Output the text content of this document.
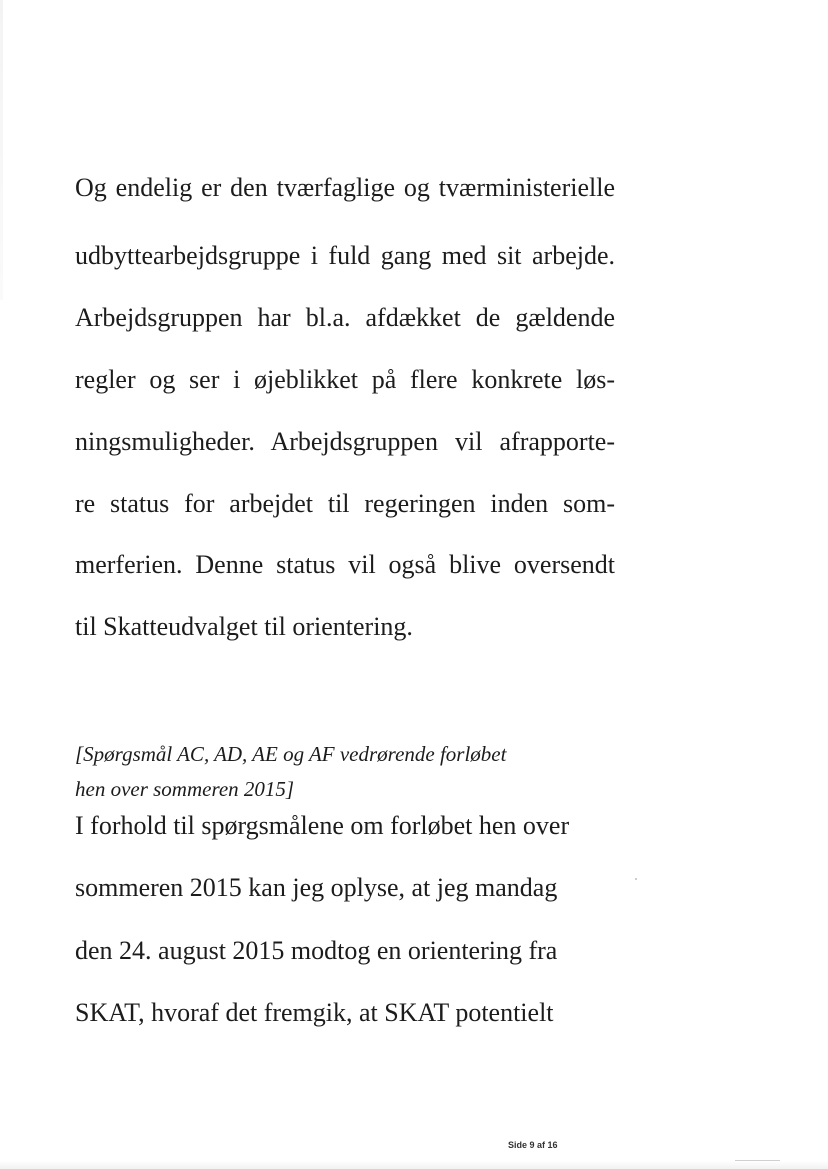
Og endelig er den tværfaglige og tværministerielle
udbyttearbejdsgruppe i fuld gang med sit arbejde.
Arbejdsgruppen har bl.a. afdækket de gældende
regler og ser i øjeblikket på flere konkrete løs-
ningsmuligheder. Arbejdsgruppen vil afrapporte-
re status for arbejdet til regeringen inden som-
merferien. Denne status vil også blive oversendt
til Skatteudvalget til orientering.
[Spørgsmål AC, AD, AE og AF vedrørende forløbet
hen over sommeren 2015]
I forhold til spørgsmålene om forløbet hen over
sommeren 2015 kan jeg oplyse, at jeg mandag
den 24. august 2015 modtog en orientering fra
SKAT, hvoraf det fremgik, at SKAT potentielt
Side 9 af 16
